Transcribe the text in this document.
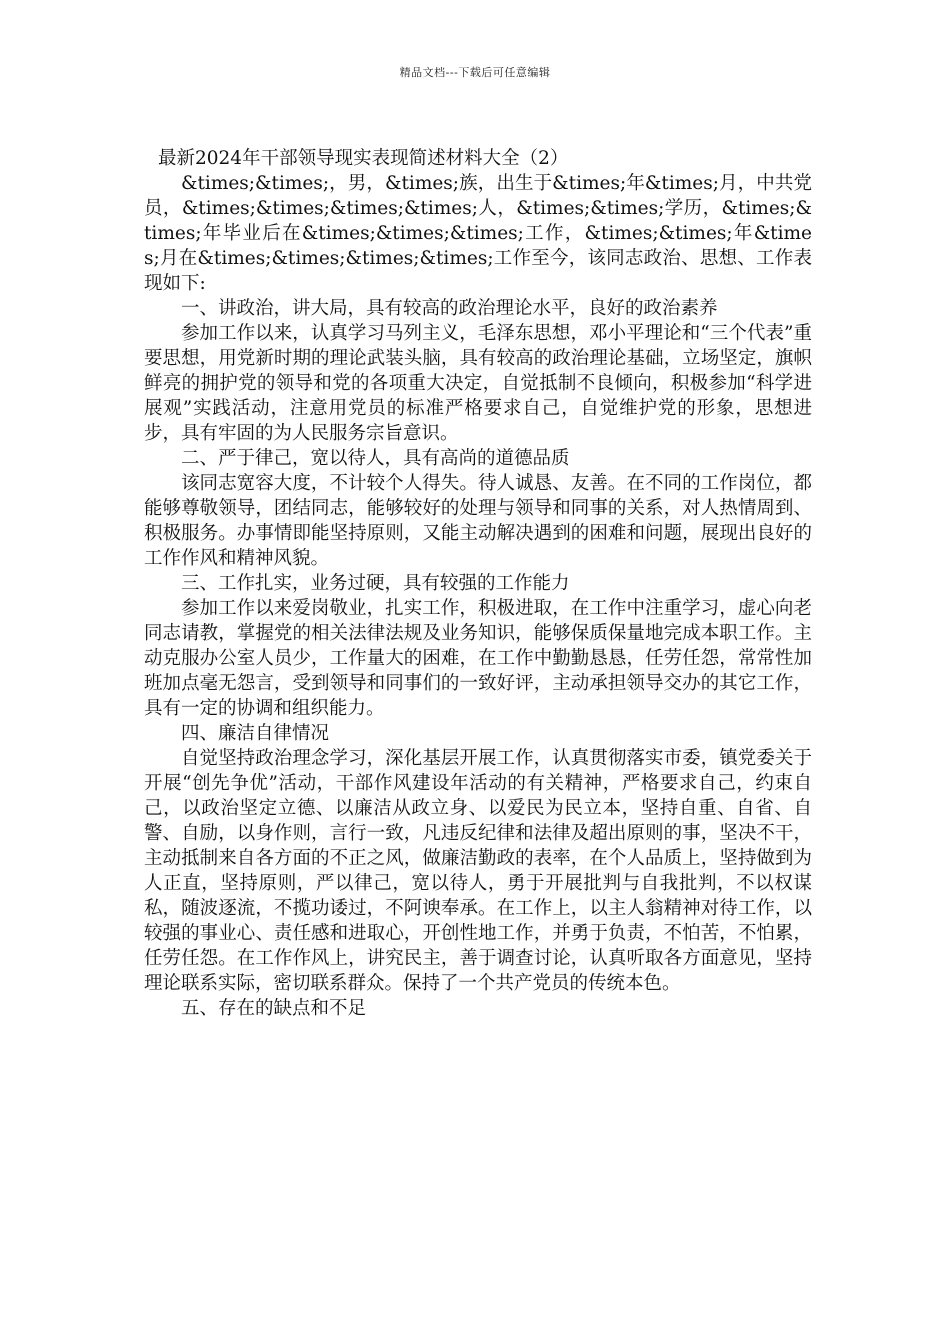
精品文档---下载后可任意编辑
最新2024年干部领导现实表现简述材料大全（2）

&times;&times;，男，&times;族，出生于&times;年&times;月，中共党员，&times;&times;&times;&times;人，&times;&times;学历，&times;&times;年毕业后在&times;&times;&times;工作，&times;&times;年&times;月在&times;&times;&times;&times;工作至今，该同志政治、思想、工作表现如下:

一、讲政治，讲大局，具有较高的政治理论水平，良好的政治素养

参加工作以来，认真学习马列主义，毛泽东思想，邓小平理论和“三个代表”重要思想，用党新时期的理论武装头脑，具有较高的政治理论基础，立场坚定，旗帜鲜亮的拥护党的领导和党的各项重大决定，自觉抵制不良倾向，积极参加“科学进展观”实践活动，注意用党员的标准严格要求自己，自觉维护党的形象，思想进步，具有牢固的为人民服务宗旨意识。

二、严于律己，宽以待人，具有高尚的道德品质

该同志宽容大度，不计较个人得失。待人诚恳、友善。在不同的工作岗位，都能够尊敬领导，团结同志，能够较好的处理与领导和同事的关系，对人热情周到、积极服务。办事情即能坚持原则，又能主动解决遇到的困难和问题，展现出良好的工作作风和精神风貌。

三、工作扎实，业务过硬，具有较强的工作能力

参加工作以来爱岗敬业，扎实工作，积极进取，在工作中注重学习，虚心向老同志请教，掌握党的相关法律法规及业务知识，能够保质保量地完成本职工作。主动克服办公室人员少，工作量大的困难，在工作中勤勤恳恳，任劳任怨，常常性加班加点毫无怨言，受到领导和同事们的一致好评，主动承担领导交办的其它工作，具有一定的协调和组织能力。

四、廉洁自律情况

自觉坚持政治理念学习，深化基层开展工作，认真贯彻落实市委，镇党委关于开展“创先争优”活动，干部作风建设年活动的有关精神，严格要求自己，约束自己，以政治坚定立德、以廉洁从政立身、以爱民为民立本，坚持自重、自省、自警、自励，以身作则，言行一致，凡违反纪律和法律及超出原则的事，坚决不干，主动抵制来自各方面的不正之风，做廉洁勤政的表率，在个人品质上，坚持做到为人正直，坚持原则，严以律己，宽以待人，勇于开展批判与自我批判，不以权谋私，随波逐流，不揽功诿过，不阿谀奉承。在工作上，以主人翁精神对待工作，以较强的事业心、责任感和进取心，开创性地工作，并勇于负责，不怕苦，不怕累，任劳任怨。在工作作风上，讲究民主，善于调查讨论，认真听取各方面意见，坚持理论联系实际，密切联系群众。保持了一个共产党员的传统本色。

五、存在的缺点和不足
